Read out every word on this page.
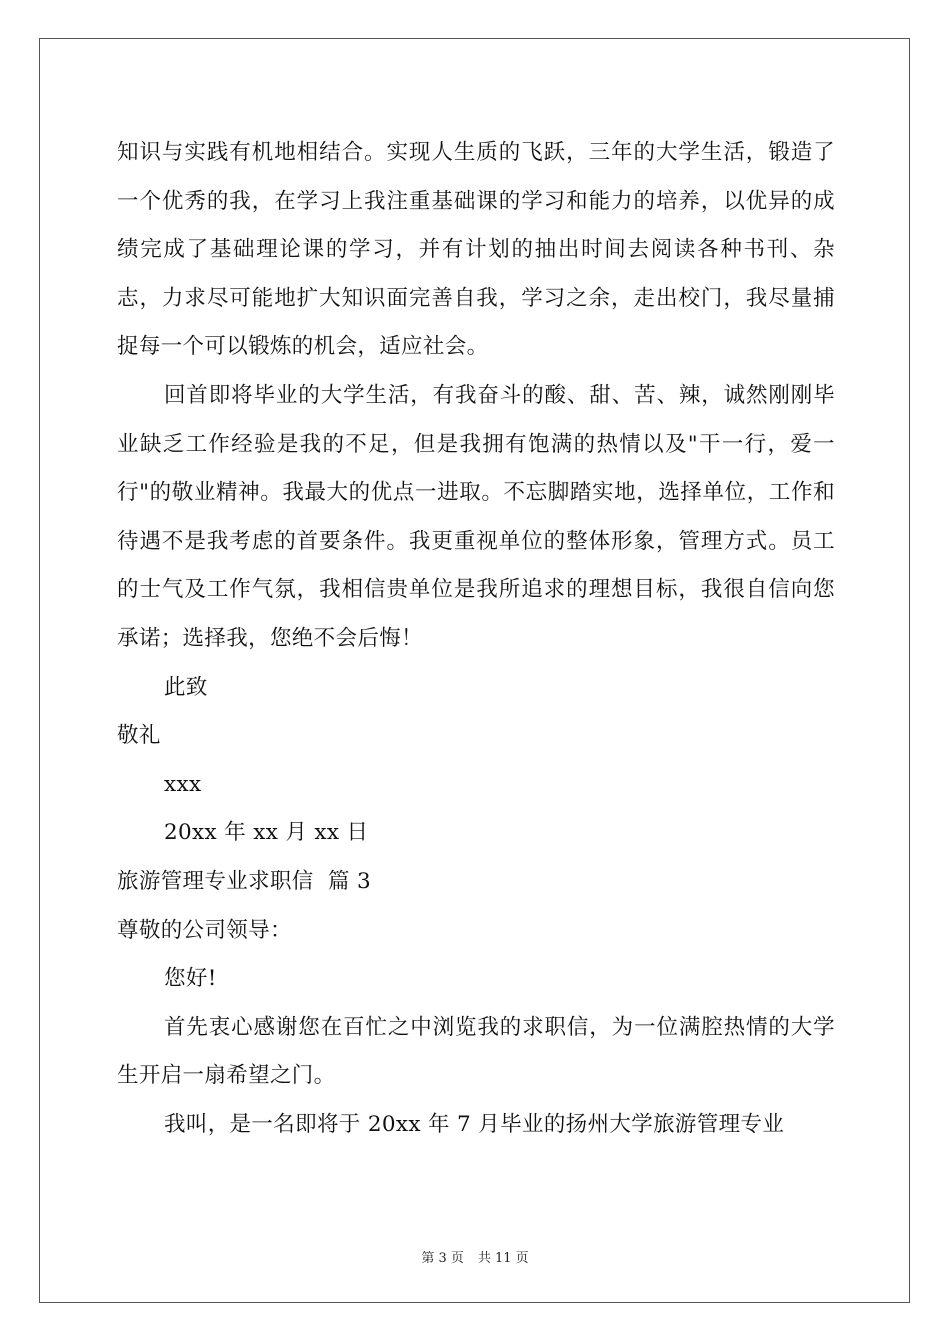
知识与实践有机地相结合。实现人生质的飞跃，三年的大学生活，锻造了一个优秀的我，在学习上我注重基础课的学习和能力的培养，以优异的成绩完成了基础理论课的学习，并有计划的抽出时间去阅读各种书刊、杂志，力求尽可能地扩大知识面完善自我，学习之余，走出校门，我尽量捕捉每一个可以锻炼的机会，适应社会。

回首即将毕业的大学生活，有我奋斗的酸、甜、苦、辣，诚然刚刚毕业缺乏工作经验是我的不足，但是我拥有饱满的热情以及"干一行，爱一行"的敬业精神。我最大的优点一进取。不忘脚踏实地，选择单位，工作和待遇不是我考虑的首要条件。我更重视单位的整体形象，管理方式。员工的士气及工作气氛，我相信贵单位是我所追求的理想目标，我很自信向您承诺；选择我，您绝不会后悔！

此致

敬礼

xxx

20xx 年 xx 月 xx 日

旅游管理专业求职信  篇 3

尊敬的公司领导：

您好!

首先衷心感谢您在百忙之中浏览我的求职信，为一位满腔热情的大学生开启一扇希望之门。

我叫，是一名即将于 20xx 年 7 月毕业的扬州大学旅游管理专业

第 3 页 共 11 页
